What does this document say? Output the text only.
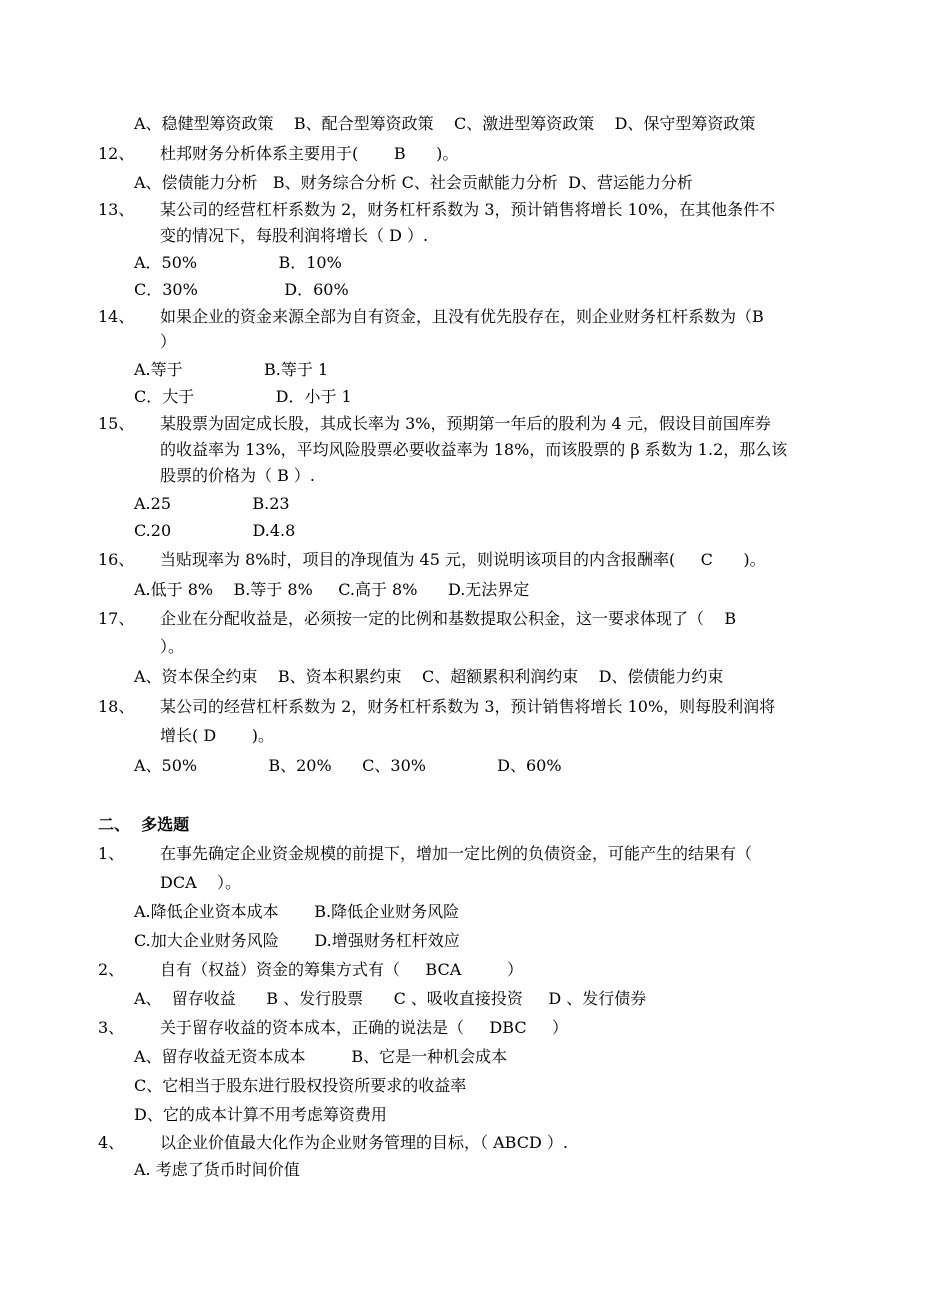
A、稳健型筹资政策    B、配合型筹资政策    C、激进型筹资政策    D、保守型筹资政策
12、 杜邦财务分析体系主要用于(       B      )。
A、偿债能力分析   B、财务综合分析 C、社会贡献能力分析  D、营运能力分析
13、 某公司的经营杠杆系数为 2，财务杠杆系数为 3，预计销售将增长 10%，在其他条件不
变的情况下，每股利润将增长（ D ）.
A．50%                B．10%
C．30%                 D．60%
14、 如果企业的资金来源全部为自有资金，且没有优先股存在，则企业财务杠杆系数为（B
）
A.等于                B.等于 1
C．大于                D．小于 1
15、 某股票为固定成长股，其成长率为 3%，预期第一年后的股利为 4 元，假设目前国库券
的收益率为 13%，平均风险股票必要收益率为 18%，而该股票的 β 系数为 1.2，那么该
股票的价格为（ B ）.
A.25                B.23
C.20                D.4.8
16、 当贴现率为 8%时，项目的净现值为 45 元，则说明该项目的内含报酬率(     C      )。
A.低于 8%    B.等于 8%     C.高于 8%      D.无法界定
17、 企业在分配收益是，必须按一定的比例和基数提取公积金，这一要求体现了（    B
）。
A、资本保全约束    B、资本积累约束    C、超额累积利润约束    D、偿债能力约束
18、 某公司的经营杠杆系数为 2，财务杠杆系数为 3，预计销售将增长 10%，则每股利润将
增长( D       )。
A、50%              B、20%      C、30%              D、60%
二、  多选题
1、 在事先确定企业资金规模的前提下，增加一定比例的负债资金，可能产生的结果有（
DCA    ）。
A.降低企业资本成本       B.降低企业财务风险
C.加大企业财务风险       D.增强财务杠杆效应
2、 自有（权益）资金的筹集方式有（     BCA         ）
A、  留存收益      B 、发行股票      C 、吸收直接投资     D 、发行债券
3、 关于留存收益的资本成本，正确的说法是（     DBC     ）
A、留存收益无资本成本         B、它是一种机会成本
C、它相当于股东进行股权投资所要求的收益率
D、它的成本计算不用考虑筹资费用
4、 以企业价值最大化作为企业财务管理的目标，（ ABCD ）.
A. 考虑了货币时间价值
